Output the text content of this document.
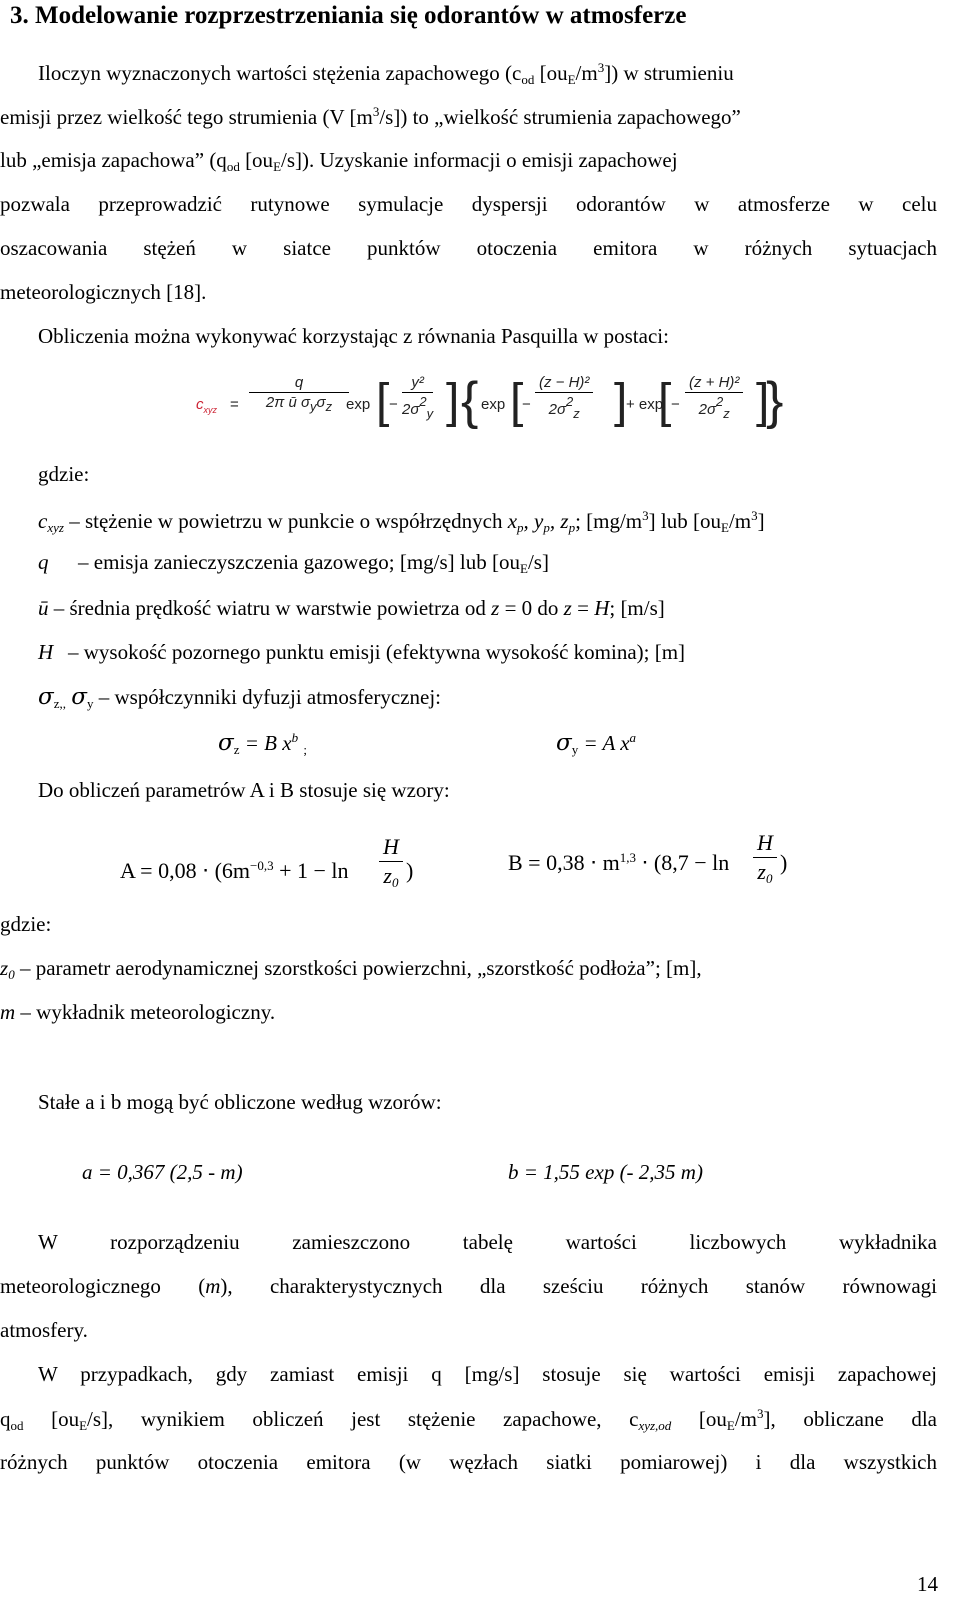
3. Modelowanie rozprzestrzeniania się odorantów w atmosferze
Iloczyn wyznaczonych wartości stężenia zapachowego ($c_{od}$ $[ou_E/m^3]$) w strumieniu
emisji przez wielkość tego strumienia (V $[m^3/s]$) to „wielkość strumienia zapachowego”
lub „emisja zapachowa” ($q_{od}$ $[ou_E/s]$). Uzyskanie informacji o emisji zapachowej
pozwala przeprowadzić rutynowe symulacje dyspersji odorantów w atmosferze w celu
oszacowania stężeń w siatce punktów otoczenia emitora w różnych sytuacjach
meteorologicznych [18].
Obliczenia można wykonywać korzystając z równania Pasquilla w postaci:
$c_{xyz}$ =
q
2π ū $\sigma_y\sigma_z$ exp [ − $\frac{\text{y²}}{2\sigma^2_y}$ ] { exp [
− $\frac{\text{(z − H)²}}{2\sigma^2_z}$ ]
+ exp
[ − $\frac{\text{(z + H)²}}{2\sigma^2_z}$ ]
}
gdzie:
$c_{xyz}$ – stężenie w powietrzu w punkcie o współrzędnych $x_p$, $y_p$, $z_p$; $[mg/m^3]$ lub $[ou_E/m^3]$
q – emisja zanieczyszczenia gazowego; [mg/s] lub $[ou_E/s]$
ū – średnia prędkość wiatru w warstwie powietrza od z = 0 do z = H; [m/s]
H – wysokość pozornego punktu emisji (efektywna wysokość komina); [m]
$\sigma_{z,,}$ $\sigma_y$ – współczynniki dyfuzji atmosferycznej:
$\sigma_z = B$ $x^b$ $_;$	$\sigma_y = A$ $x^a$
Do obliczeń parametrów A i B stosuje się wzory:
$A = 0,08 \cdot (6m^{-0,3} + 1 - \ln \frac{H}{z_0}$ )	$B = 0,38 \cdot m^{1,3} \cdot (8,7 - \ln \frac{H}{z_0}$ )
gdzie:
$z_0$ – parametr aerodynamicznej szorstkości powierzchni, „szorstkość podłoża”; [m],
m – wykładnik meteorologiczny.
Stałe a i b mogą być obliczone według wzorów:
a = 0,367 (2,5 - m)	b = 1,55 exp (- 2,35 m)
W rozporządzeniu zamieszczono tabelę wartości liczbowych wykładnika
meteorologicznego (m), charakterystycznych dla sześciu różnych stanów równowagi
atmosfery.
W przypadkach, gdy zamiast emisji q [mg/s] stosuje się wartości emisji zapachowej
$q_{od}$ $[ou_E/s]$, wynikiem obliczeń jest stężenie zapachowe, $c_{xyz,od}$ $[ou_E/m^3]$, obliczane dla
różnych punktów otoczenia emitora (w węzłach siatki pomiarowej) i dla wszystkich
14
